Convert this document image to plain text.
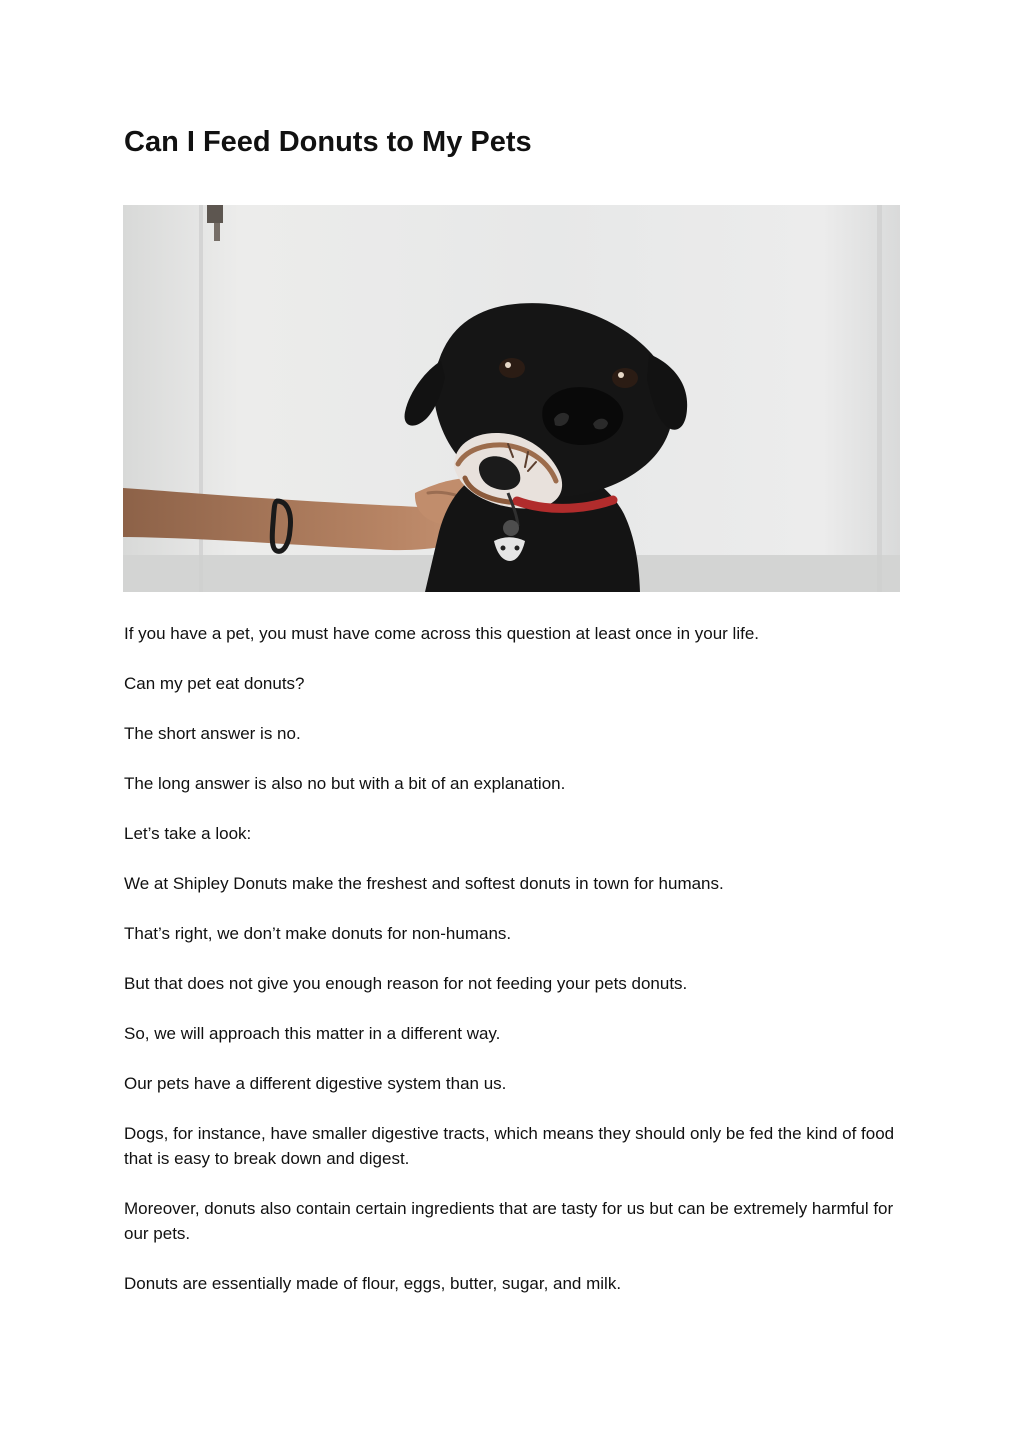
Can I Feed Donuts to My Pets

If you have a pet, you must have come across this question at least once in your life.

Can my pet eat donuts?

The short answer is no.

The long answer is also no but with a bit of an explanation.

Let’s take a look:

We at Shipley Donuts make the freshest and softest donuts in town for humans.

That’s right, we don’t make donuts for non-humans.

But that does not give you enough reason for not feeding your pets donuts.

So, we will approach this matter in a different way.

Our pets have a different digestive system than us.

Dogs, for instance, have smaller digestive tracts, which means they should only be fed the kind of food that is easy to break down and digest.

Moreover, donuts also contain certain ingredients that are tasty for us but can be extremely harmful for our pets.

Donuts are essentially made of flour, eggs, butter, sugar, and milk.
